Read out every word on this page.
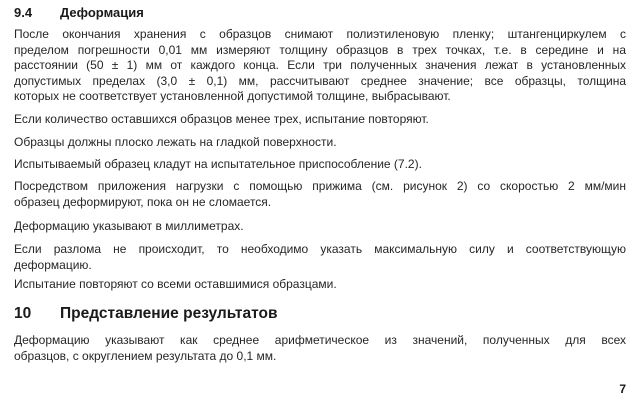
9.4 Деформация
После окончания хранения с образцов снимают полиэтиленовую пленку; штангенциркулем с
пределом погрешности 0,01 мм измеряют толщину образцов в трех точках, т.е. в середине и на
расстоянии (50 ± 1) мм от каждого конца. Если три полученных значения лежат в установленных
допустимых пределах (3,0 ± 0,1) мм, рассчитывают среднее значение; все образцы, толщина
которых не соответствует установленной допустимой толщине, выбрасывают.
Если количество оставшихся образцов менее трех, испытание повторяют.
Образцы должны плоско лежать на гладкой поверхности.
Испытываемый образец кладут на испытательное приспособление (7.2).
Посредством приложения нагрузки с помощью прижима (см. рисунок 2) со скоростью 2 мм/мин
образец деформируют, пока он не сломается.
Деформацию указывают в миллиметрах.
Если разлома не происходит, то необходимо указать максимальную силу и соответствующую
деформацию.
Испытание повторяют со всеми оставшимися образцами.
10 Представление результатов
Деформацию указывают как среднее арифметическое из значений, полученных для всех
образцов, с округлением результата до 0,1 мм.
7
